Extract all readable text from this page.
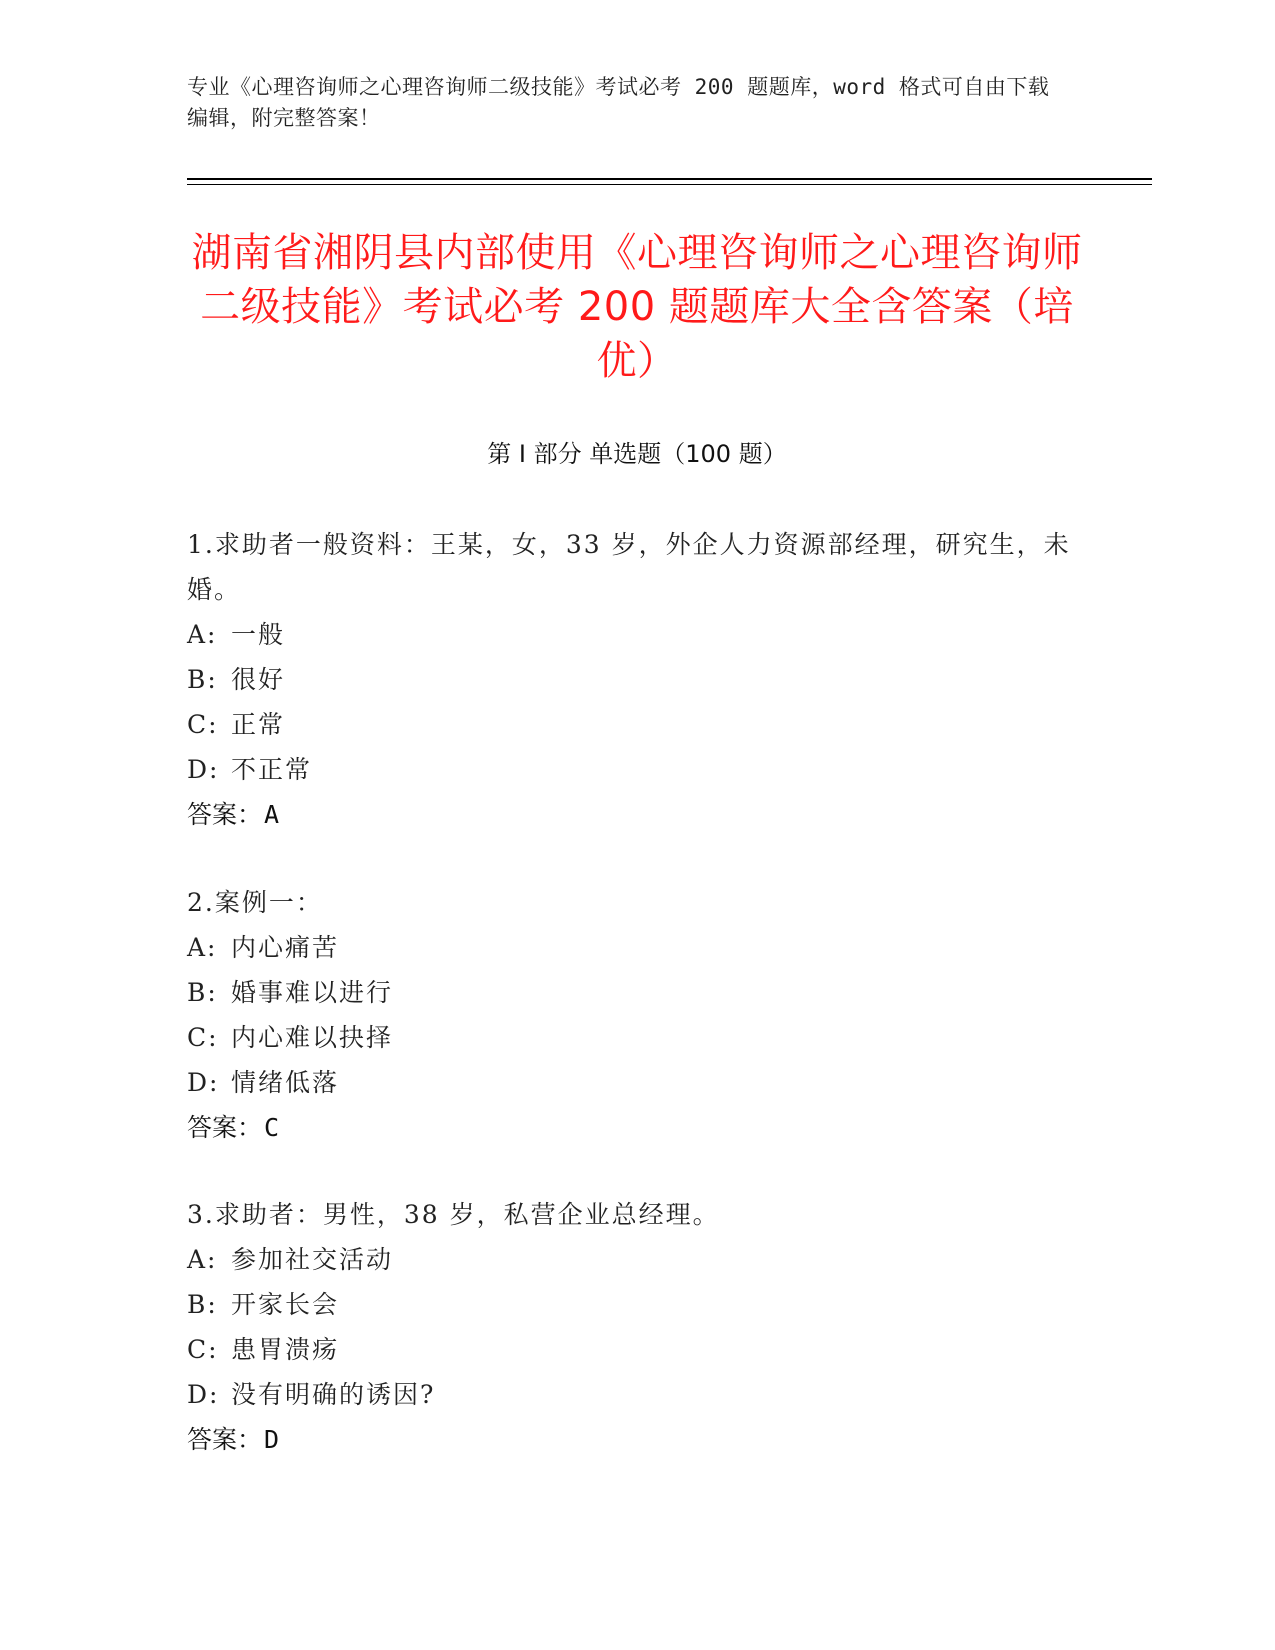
专业《心理咨询师之心理咨询师二级技能》考试必考 200 题题库，word 格式可自由下载编辑，附完整答案！
湖南省湘阴县内部使用《心理咨询师之心理咨询师二级技能》考试必考 200 题题库大全含答案（培优）
第 I 部分 单选题（100 题）
1.求助者一般资料：王某，女，33 岁，外企人力资源部经理，研究生，未婚。
A: 一般
B: 很好
C: 正常
D: 不正常
答案：A
2.案例一：
A: 内心痛苦
B: 婚事难以进行
C: 内心难以抉择
D: 情绪低落
答案：C
3.求助者：男性，38 岁，私营企业总经理。
A: 参加社交活动
B: 开家长会
C: 患胃溃疡
D: 没有明确的诱因?
答案：D
